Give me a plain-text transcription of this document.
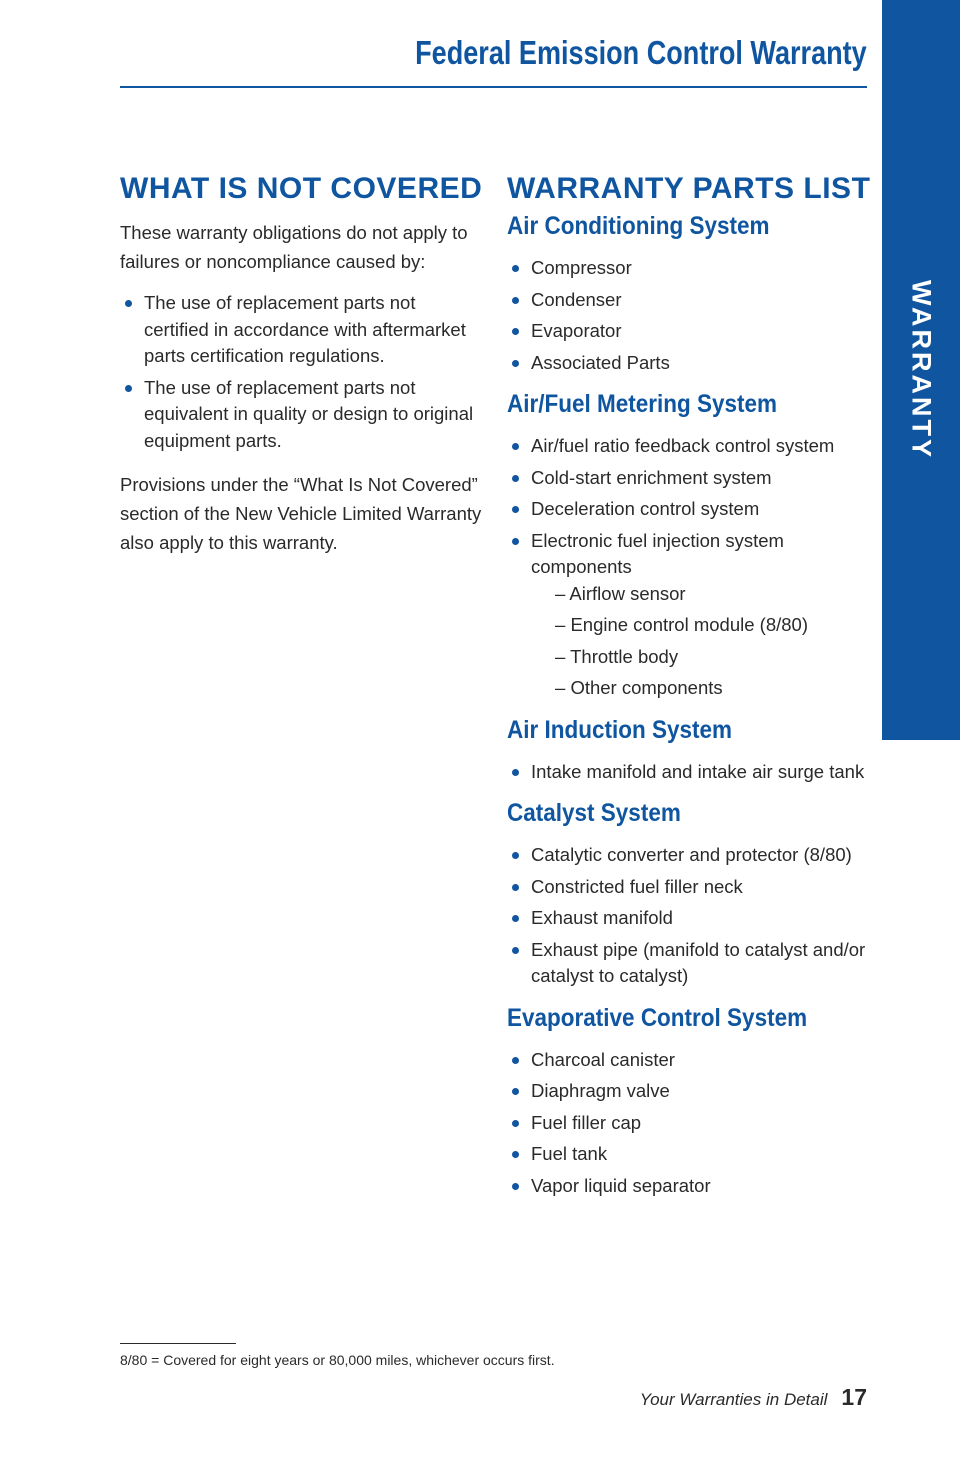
Federal Emission Control Warranty
WARRANTY
WHAT IS NOT COVERED

These warranty obligations do not apply to failures or noncompliance caused by:

The use of replacement parts not certified in accordance with aftermarket parts certification regulations.
The use of replacement parts not equivalent in quality or design to original equipment parts.

Provisions under the “What Is Not Covered” section of the New Vehicle Limited Warranty also apply to this warranty.

WARRANTY PARTS LIST
Air Conditioning System
Compressor
Condenser
Evaporator
Associated Parts
Air/Fuel Metering System
Air/fuel ratio feedback control system
Cold-start enrichment system
Deceleration control system
Electronic fuel injection system components
– Airflow sensor
– Engine control module (8/80)
– Throttle body
– Other components
Air Induction System
Intake manifold and intake air surge tank
Catalyst System
Catalytic converter and protector (8/80)
Constricted fuel filler neck
Exhaust manifold
Exhaust pipe (manifold to catalyst and/or catalyst to catalyst)
Evaporative Control System
Charcoal canister
Diaphragm valve
Fuel filler cap
Fuel tank
Vapor liquid separator
8/80 = Covered for eight years or 80,000 miles, whichever occurs first.
Your Warranties in Detail 17
